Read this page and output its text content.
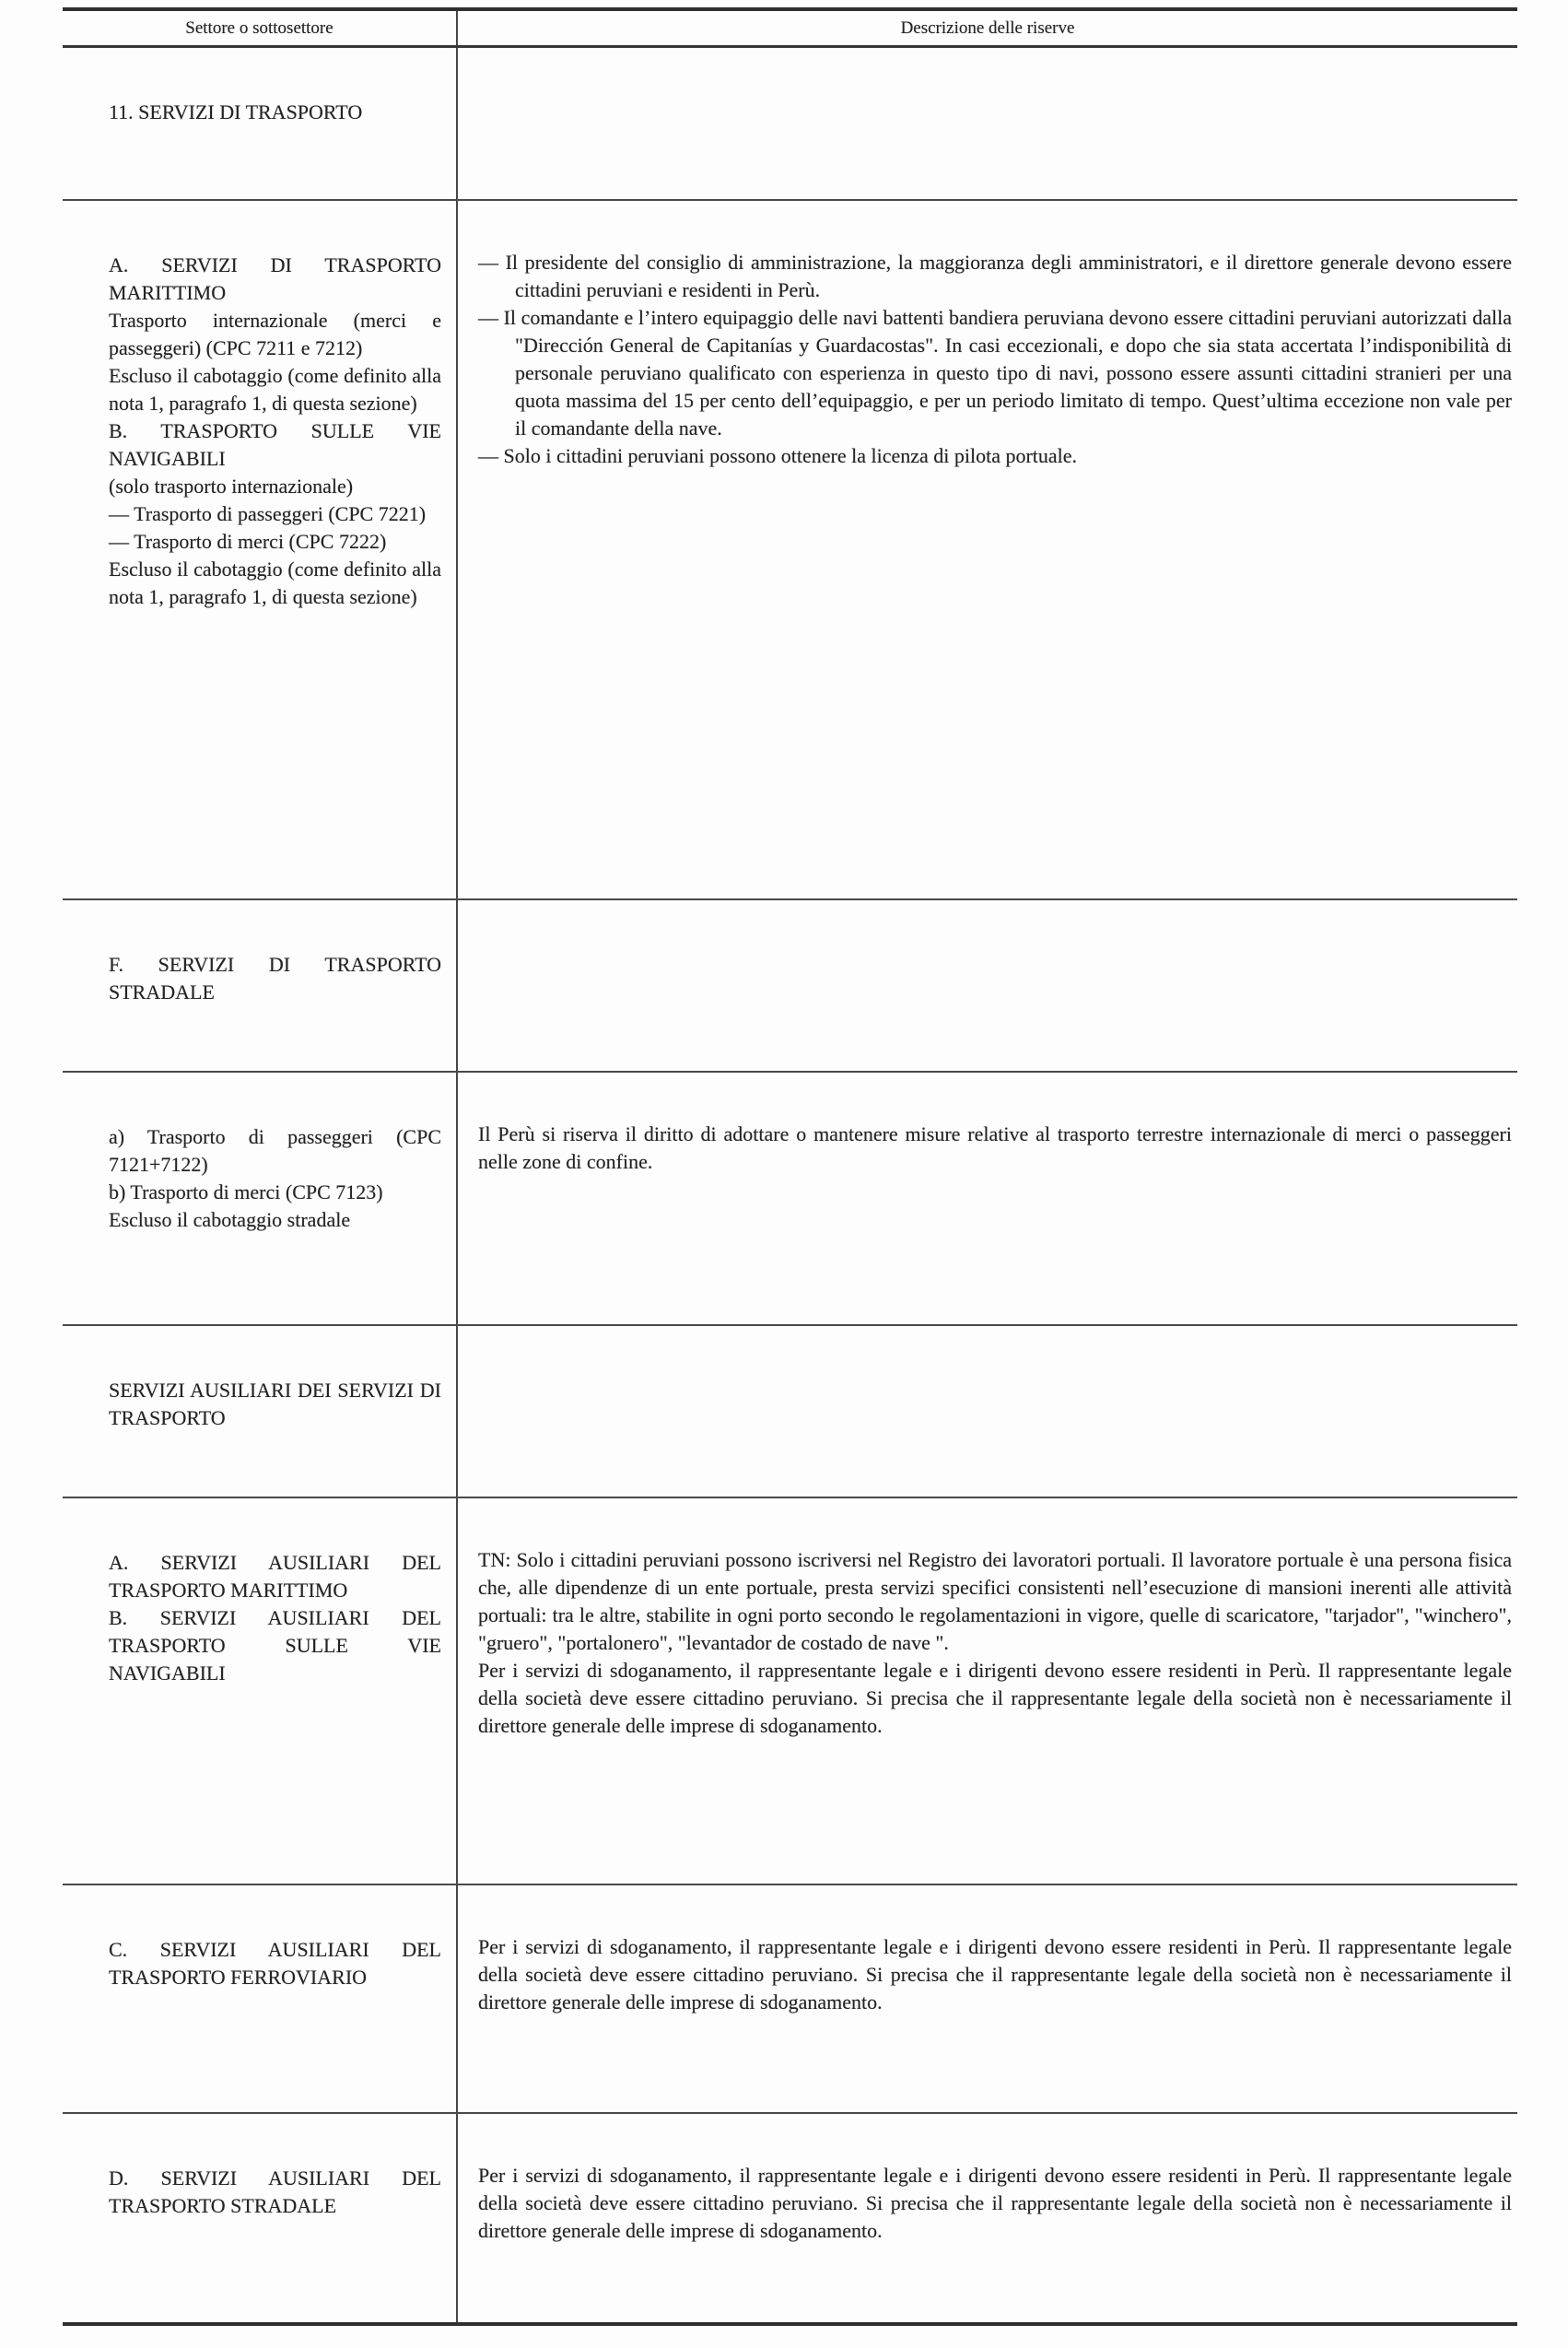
Settore o sottosettore	Descrizione delle riserve

11. SERVIZI DI TRASPORTO

A. SERVIZI DI TRASPORTO MARITTIMO

Trasporto internazionale (merci e passeggeri) (CPC 7211 e 7212)

Escluso il cabotaggio (come definito alla nota 1, paragrafo 1, di questa sezione)

B. TRASPORTO SULLE VIE NAVIGABILI

(solo trasporto internazionale)

— Trasporto di passeggeri (CPC 7221)

— Trasporto di merci (CPC 7222)

Escluso il cabotaggio (come definito alla nota 1, paragrafo 1, di questa sezione)

— Il presidente del consiglio di amministrazione, la maggioranza degli amministratori, e il direttore generale devono essere cittadini peruviani e residenti in Perù.

— Il comandante e l’intero equipaggio delle navi battenti bandiera peruviana devono essere cittadini peruviani autorizzati dalla "Dirección General de Capitanías y Guardacostas". In casi eccezionali, e dopo che sia stata accertata l’indisponibilità di personale peruviano qualificato con esperienza in questo tipo di navi, possono essere assunti cittadini stranieri per una quota massima del 15 per cento dell’equipaggio, e per un periodo limitato di tempo. Quest’ultima eccezione non vale per il comandante della nave.

— Solo i cittadini peruviani possono ottenere la licenza di pilota portuale.

F. SERVIZI DI TRASPORTO STRADALE

a) Trasporto di passeggeri (CPC 7121+7122)

b) Trasporto di merci (CPC 7123)

Escluso il cabotaggio stradale

Il Perù si riserva il diritto di adottare o mantenere misure relative al trasporto terrestre internazionale di merci o passeggeri nelle zone di confine.

SERVIZI AUSILIARI DEI SERVIZI DI TRASPORTO

A. SERVIZI AUSILIARI DEL TRASPORTO MARITTIMO

B. SERVIZI AUSILIARI DEL TRASPORTO SULLE VIE NAVIGABILI

TN: Solo i cittadini peruviani possono iscriversi nel Registro dei lavoratori portuali. Il lavoratore portuale è una persona fisica che, alle dipendenze di un ente portuale, presta servizi specifici consistenti nell’esecuzione di mansioni inerenti alle attività portuali: tra le altre, stabilite in ogni porto secondo le regolamentazioni in vigore, quelle di scaricatore, "tarjador", "winchero", "gruero", "portalonero", "levantador de costado de nave ".

Per i servizi di sdoganamento, il rappresentante legale e i dirigenti devono essere residenti in Perù. Il rappresentante legale della società deve essere cittadino peruviano. Si precisa che il rappresentante legale della società non è necessariamente il direttore generale delle imprese di sdoganamento.

C. SERVIZI AUSILIARI DEL TRASPORTO FERROVIARIO

Per i servizi di sdoganamento, il rappresentante legale e i dirigenti devono essere residenti in Perù. Il rappresentante legale della società deve essere cittadino peruviano. Si precisa che il rappresentante legale della società non è necessariamente il direttore generale delle imprese di sdoganamento.

D. SERVIZI AUSILIARI DEL TRASPORTO STRADALE

Per i servizi di sdoganamento, il rappresentante legale e i dirigenti devono essere residenti in Perù. Il rappresentante legale della società deve essere cittadino peruviano. Si precisa che il rappresentante legale della società non è necessariamente il direttore generale delle imprese di sdoganamento.
